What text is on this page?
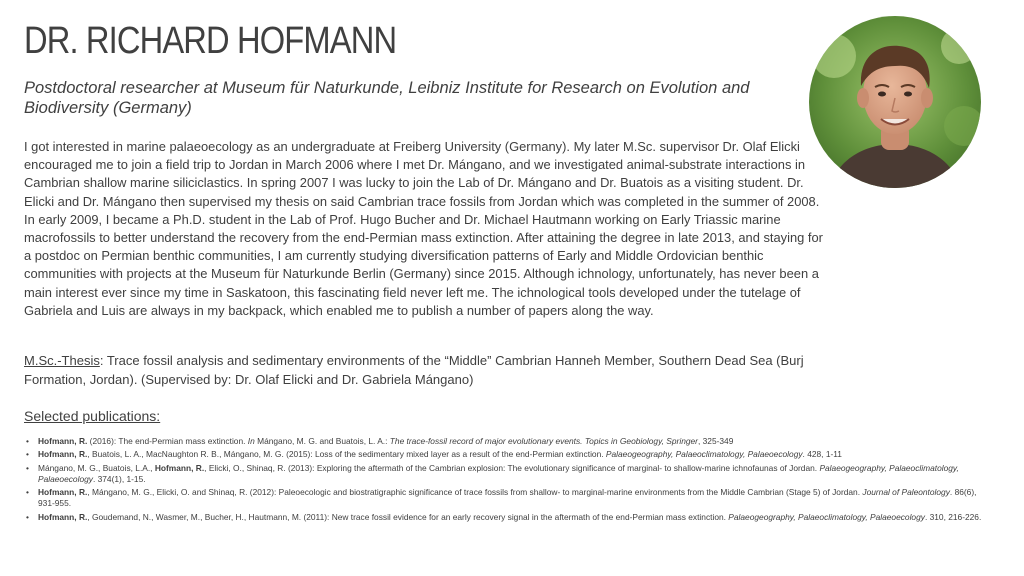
DR. RICHARD HOFMANN
Postdoctoral researcher at Museum für Naturkunde, Leibniz Institute for Research on Evolution and Biodiversity (Germany)
I got interested in marine palaeoecology as an undergraduate at Freiberg University (Germany). My later M.Sc. supervisor Dr. Olaf Elicki encouraged me to join a field trip to Jordan in March 2006 where I met Dr. Mángano, and we investigated animal-substrate interactions in Cambrian shallow marine siliciclastics. In spring 2007 I was lucky to join the Lab of Dr. Mángano and Dr. Buatois as a visiting student. Dr. Elicki and Dr. Mángano then supervised my thesis on said Cambrian trace fossils from Jordan which was completed in the summer of 2008. In early 2009, I became a Ph.D. student in the Lab of Prof. Hugo Bucher and Dr. Michael Hautmann working on Early Triassic marine macrofossils to better understand the recovery from the end-Permian mass extinction. After attaining the degree in late 2013, and staying for a postdoc on Permian benthic communities, I am currently studying diversification patterns of Early and Middle Ordovician benthic communities with projects at the Museum für Naturkunde Berlin (Germany) since 2015. Although ichnology, unfortunately, has never been a main interest ever since my time in Saskatoon, this fascinating field never left me. The ichnological tools developed under the tutelage of Gabriela and Luis are always in my backpack, which enabled me to publish a number of papers along the way.
M.Sc.-Thesis: Trace fossil analysis and sedimentary environments of the “Middle” Cambrian Hanneh Member, Southern Dead Sea (Burj Formation, Jordan). (Supervised by: Dr. Olaf Elicki and Dr. Gabriela Mángano)
Selected publications:
• Hofmann, R. (2016): The end-Permian mass extinction. In Mángano, M. G. and Buatois, L. A.: The trace-fossil record of major evolutionary events. Topics in Geobiology, Springer, 325-349
• Hofmann, R., Buatois, L. A., MacNaughton R. B., Mángano, M. G. (2015): Loss of the sedimentary mixed layer as a result of the end-Permian extinction. Palaeogeography, Palaeoclimatology, Palaeoecology. 428, 1-11
• Mángano, M. G., Buatois, L.A., Hofmann, R., Elicki, O., Shinaq, R. (2013): Exploring the aftermath of the Cambrian explosion: The evolutionary significance of marginal- to shallow-marine ichnofaunas of Jordan. Palaeogeography, Palaeoclimatology, Palaeoecology. 374(1), 1-15.
• Hofmann, R., Mángano, M. G., Elicki, O. and Shinaq, R. (2012): Paleoecologic and biostratigraphic significance of trace fossils from shallow- to marginal-marine environments from the Middle Cambrian (Stage 5) of Jordan. Journal of Paleontology. 86(6), 931-955.
• Hofmann, R., Goudemand, N., Wasmer, M., Bucher, H., Hautmann, M. (2011): New trace fossil evidence for an early recovery signal in the aftermath of the end-Permian mass extinction. Palaeogeography, Palaeoclimatology, Palaeoecology. 310, 216-226.
